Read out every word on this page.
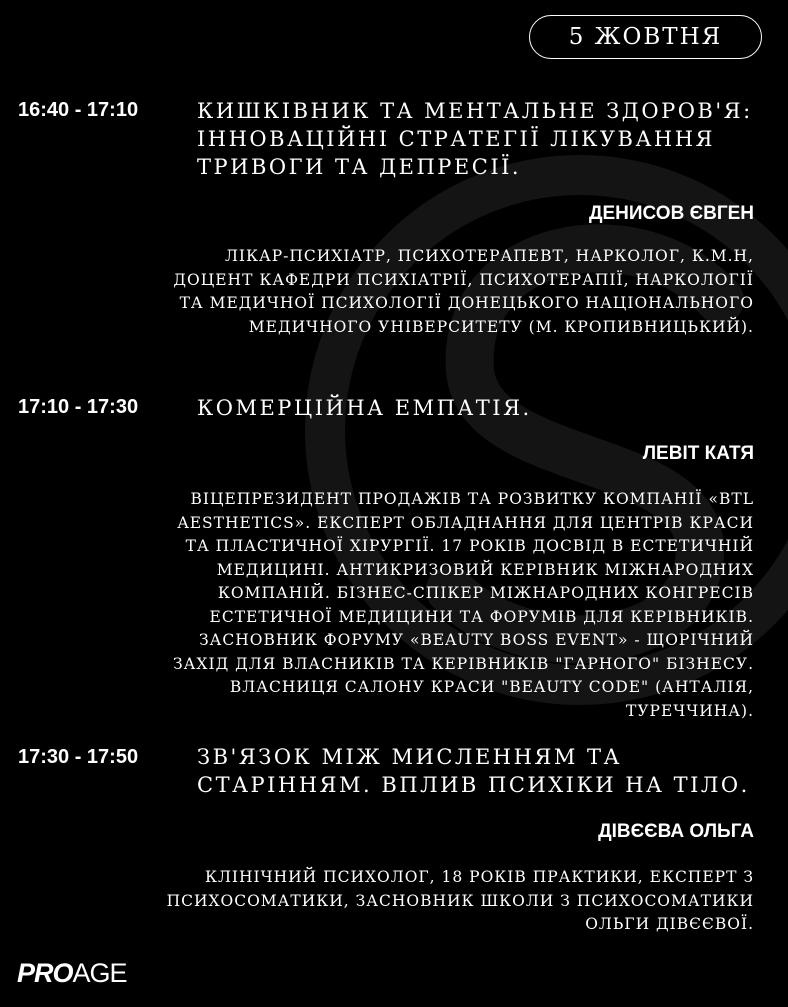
5 ЖОВТНЯ
16:40 - 17:10	КИШКІВНИК ТА МЕНТАЛЬНЕ ЗДОРОВ'Я: ІННОВАЦІЙНІ СТРАТЕГІЇ ЛІКУВАННЯ ТРИВОГИ ТА ДЕПРЕСІЇ.
ДЕНИСОВ ЄВГЕН
ЛІКАР-ПСИХІАТР, ПСИХОТЕРАПЕВТ, НАРКОЛОГ, К.М.Н, ДОЦЕНТ КАФЕДРИ ПСИХІАТРІЇ, ПСИХОТЕРАПІЇ, НАРКОЛОГІЇ ТА МЕДИЧНОЇ ПСИХОЛОГІЇ ДОНЕЦЬКОГО НАЦІОНАЛЬНОГО МЕДИЧНОГО УНІВЕРСИТЕТУ (М. КРОПИВНИЦЬКИЙ).
17:10 - 17:30	КОМЕРЦІЙНА ЕМПАТІЯ.
ЛЕВІТ КАТЯ
ВІЦЕПРЕЗИДЕНТ ПРОДАЖІВ ТА РОЗВИТКУ КОМПАНІЇ «BTL AESTHETICS». ЕКСПЕРТ ОБЛАДНАННЯ ДЛЯ ЦЕНТРІВ КРАСИ ТА ПЛАСТИЧНОЇ ХІРУРГІЇ. 17 РОКІВ ДОСВІД В ЕСТЕТИЧНІЙ МЕДИЦИНІ. АНТИКРИЗОВИЙ КЕРІВНИК МІЖНАРОДНИХ КОМПАНІЙ. БІЗНЕС-СПІКЕР МІЖНАРОДНИХ КОНГРЕСІВ ЕСТЕТИЧНОЇ МЕДИЦИНИ ТА ФОРУМІВ ДЛЯ КЕРІВНИКІВ. ЗАСНОВНИК ФОРУМУ «BEAUTY BOSS EVENT» - ЩОРІЧНИЙ ЗАХІД ДЛЯ ВЛАСНИКІВ ТА КЕРІВНИКІВ "ГАРНОГО" БІЗНЕСУ. ВЛАСНИЦЯ САЛОНУ КРАСИ "BEAUTY CODE" (АНТАЛІЯ, ТУРЕЧЧИНА).
17:30 - 17:50	ЗВ'ЯЗОК МІЖ МИСЛЕННЯМ ТА СТАРІННЯМ. ВПЛИВ ПСИХІКИ НА ТІЛО.
ДІВЄЄВА ОЛЬГА
КЛІНІЧНИЙ ПСИХОЛОГ, 18 РОКІВ ПРАКТИКИ, ЕКСПЕРТ З ПСИХОСОМАТИКИ, ЗАСНОВНИК ШКОЛИ З ПСИХОСОМАТИКИ ОЛЬГИ ДІВЄЄВОЇ.
PROAGE
